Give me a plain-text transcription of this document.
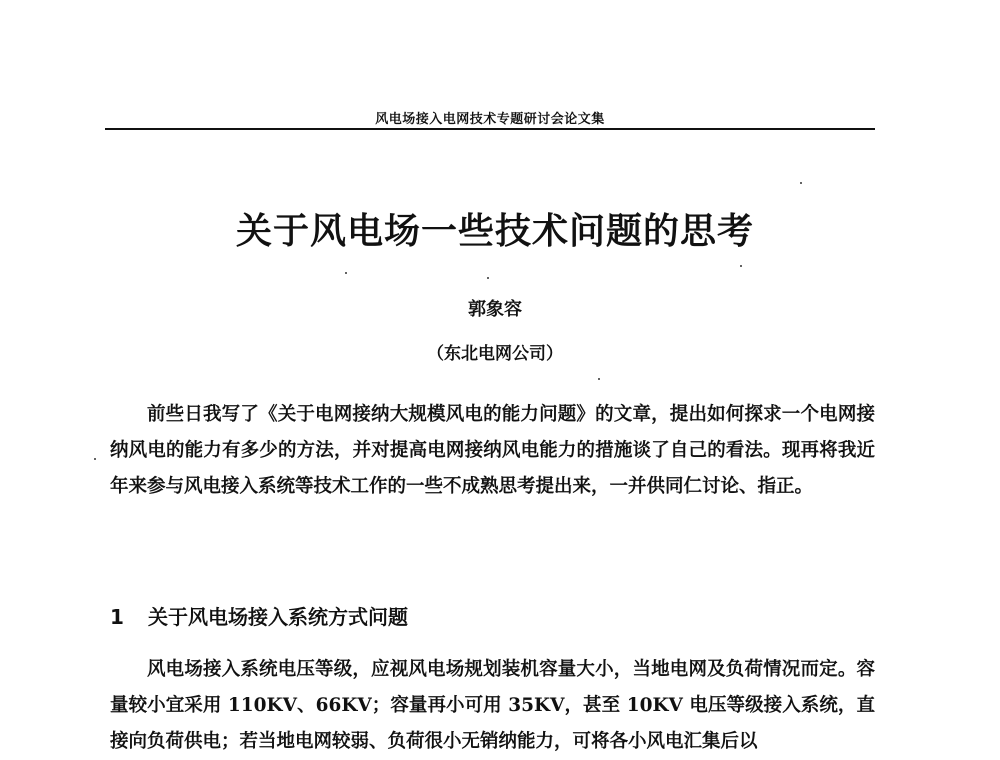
风电场接入电网技术专题研讨会论文集
关于风电场一些技术问题的思考
郭象容
（东北电网公司）

前些日我写了《关于电网接纳大规模风电的能力问题》的文章，提出如何探求一个电网接纳风电的能力有多少的方法，并对提高电网接纳风电能力的措施谈了自己的看法。现再将我近年来参与风电接入系统等技术工作的一些不成熟思考提出来，一并供同仁讨论、指正。

1 关于风电场接入系统方式问题

风电场接入系统电压等级，应视风电场规划装机容量大小，当地电网及负荷情况而定。容量较小宜采用 110KV、66KV；容量再小可用 35KV，甚至 10KV 电压等级接入系统，直接向负荷供电；若当地电网较弱、负荷很小无销纳能力，可将各小风电汇集后以
